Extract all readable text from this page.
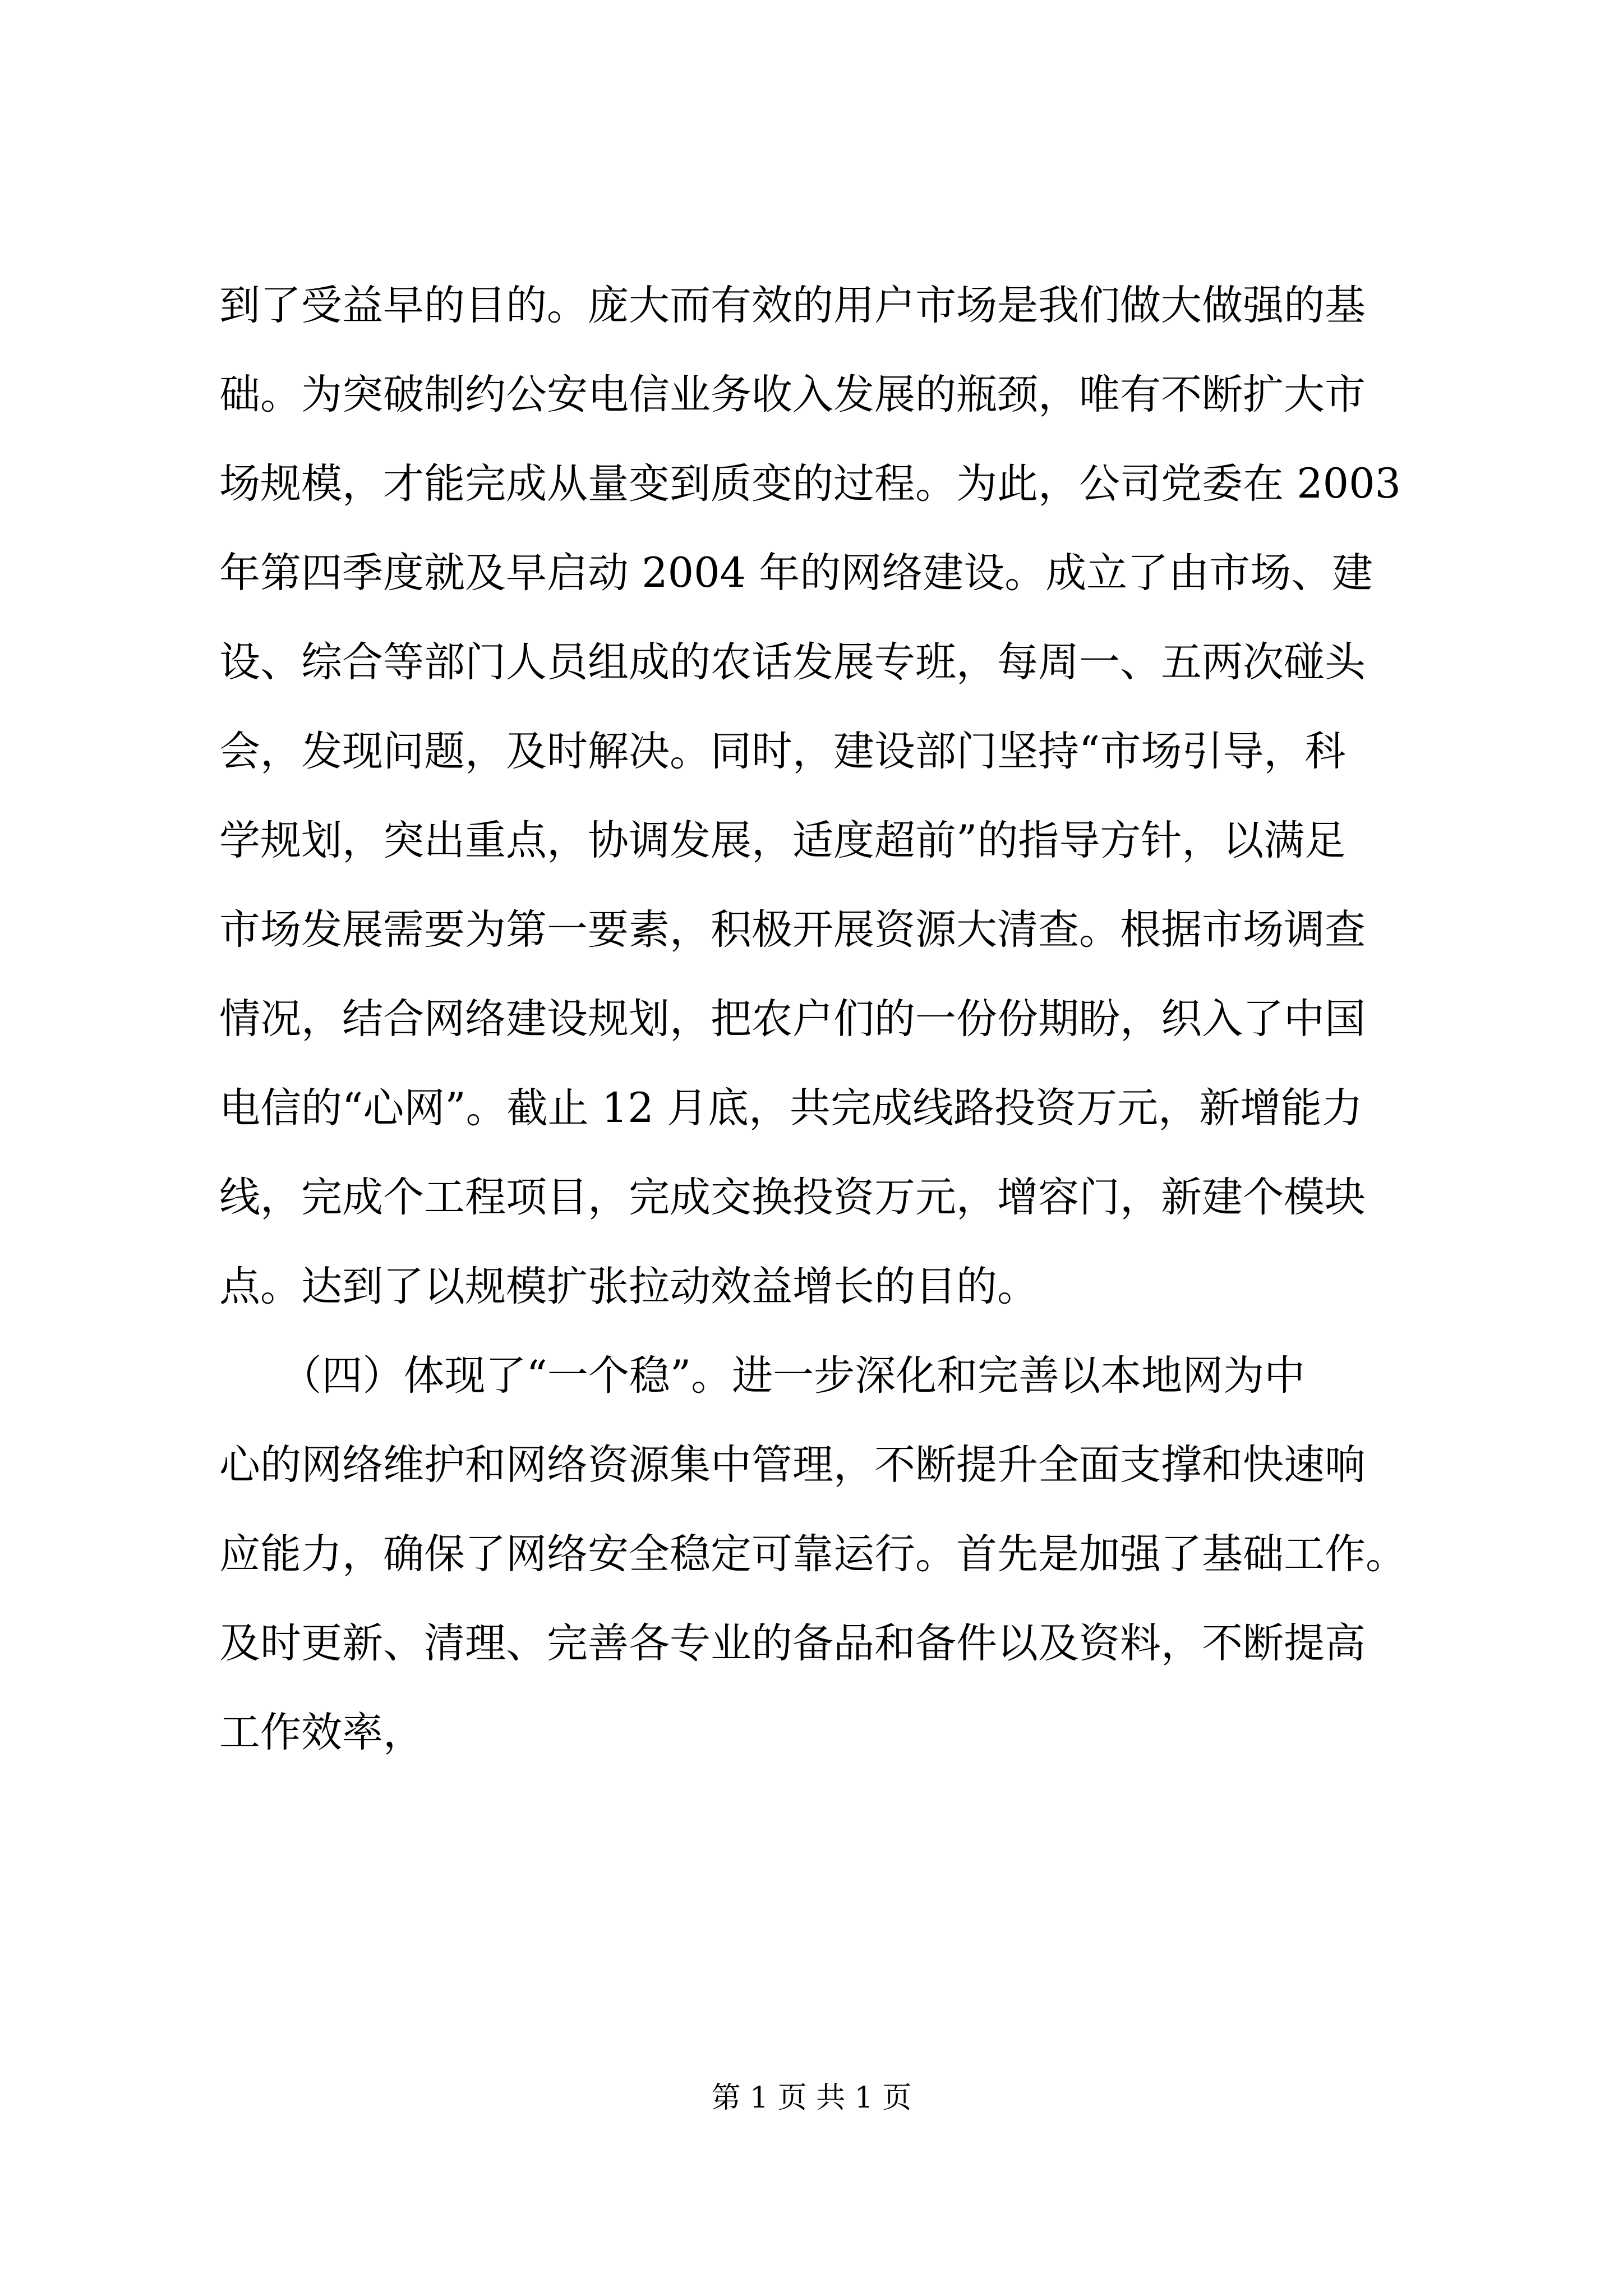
到了受益早的目的。庞大而有效的用户市场是我们做大做强的基
础。为突破制约公安电信业务收入发展的瓶颈，唯有不断扩大市
场规模，才能完成从量变到质变的过程。为此，公司党委在 2003
年第四季度就及早启动 2004 年的网络建设。成立了由市场、建
设、综合等部门人员组成的农话发展专班，每周一、五两次碰头
会，发现问题，及时解决。同时，建设部门坚持“市场引导，科
学规划，突出重点，协调发展，适度超前”的指导方针，以满足
市场发展需要为第一要素，积极开展资源大清查。根据市场调查
情况，结合网络建设规划，把农户们的一份份期盼，织入了中国
电信的“心网”。截止 12 月底，共完成线路投资万元，新增能力
线，完成个工程项目，完成交换投资万元，增容门，新建个模块
点。达到了以规模扩张拉动效益增长的目的。
　　（四）体现了“一个稳”。进一步深化和完善以本地网为中
心的网络维护和网络资源集中管理，不断提升全面支撑和快速响
应能力，确保了网络安全稳定可靠运行。首先是加强了基础工作。
及时更新、清理、完善各专业的备品和备件以及资料，不断提高
工作效率，
第 1 页 共 1 页
